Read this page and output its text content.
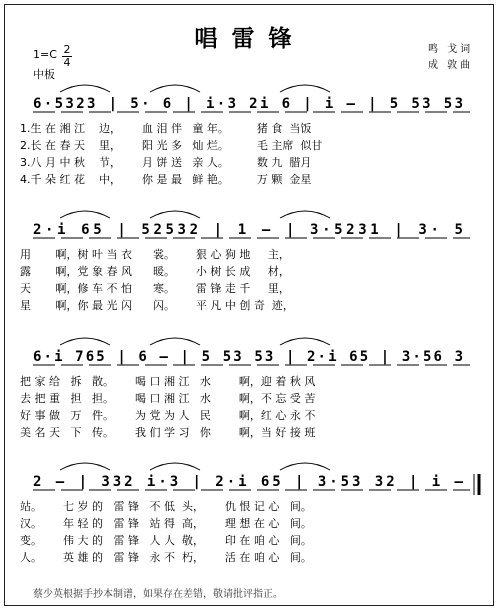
唱雷锋
1=C 2
4
中板
鸣 戈词
成 敦曲
6·5323 | 5· 6 | i·3 2i 6 | i – | 5 53 53
2·i 65 | 52532 | 1 – | 3·5231 | 3· 5
6·i 765 | 6 – | 5 53 53 | 2·i 65 | 3·56 3
2 – | 332 i·3 | 2·i 65 | 3·53 32 | i –
1.生 在 湘 江    边，      血 泪 伴   童 年。        猪 食  当饭
2.长 在 春 天    里，      阳 光 多   灿 烂。        毛 主席  似甘
3.八 月 中 秋    节，      月 饼 送   亲 人。        数 九  腊月
4.千 朵 红 花    中，      你 是 最   鲜 艳。        万 颗  金星
用       啊，树 叶 当 衣      裳。      狠 心 狗 地     主，
露       啊，党 象 春 风      暖。      小 树 长 成     材，
天       啊，修 车 不 怕      寒。      雷 锋 走 千     里，
星       啊，你 最 光 闪      闪。      平 凡 中 创 奇  迹，
把 家 给   拆   散。      喝 口 湘 江   水        啊，迎 着 秋 风
去 把 重   担   担。      喝 口 湘 江   水        啊，不 忘 受 苦
好 事 做   万   件。      为 党 为 人   民        啊，红 心 永 不
美 名 天   下   传。      我 们 学 习   你        啊，当 好 接 班
站。      七 岁 的   雷 锋   不 低  头，      仇 恨 记 心   间。
汉。      年 轻 的   雷 锋   站 得  高，      理 想 在 心   间。
变。      伟 大 的   雷 锋   人 人  敬，      印 在 咱 心   间。
人。      英 雄 的   雷 锋   永 不  朽，      活 在 咱 心   间。
蔡少英根据手抄本制谱，如果存在差错，敬请批评指正。
